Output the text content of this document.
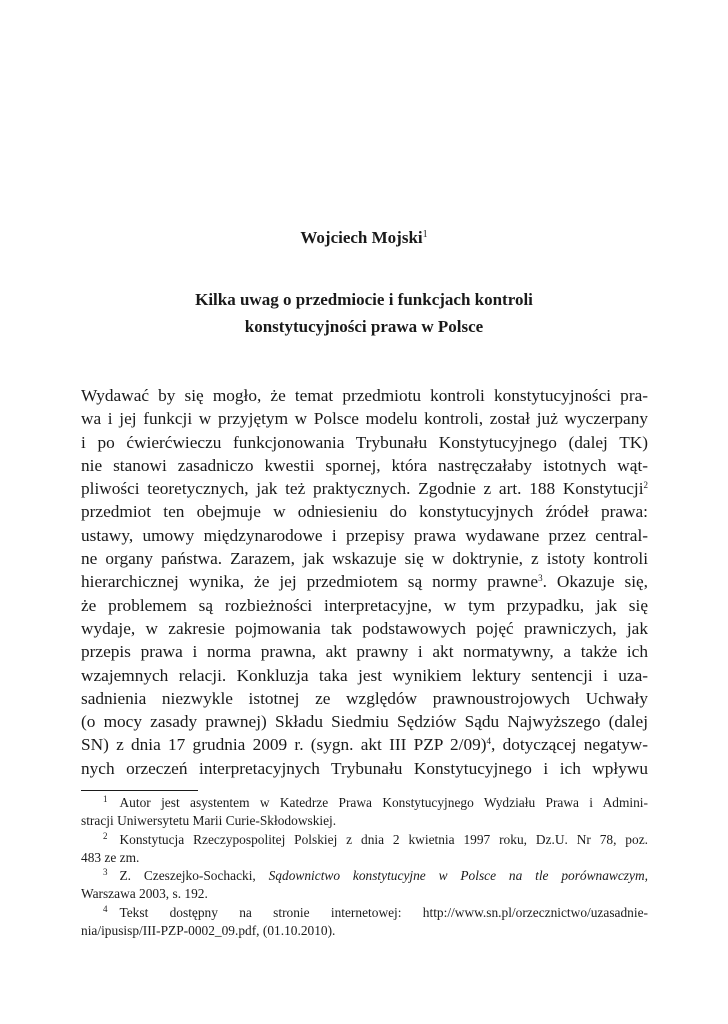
Wojciech Mojski$^1$
Kilka uwag o przedmiocie i funkcjach kontroli
konstytucyjności prawa w Polsce
Wydawać by się mogło, że temat przedmiotu kontroli konstytucyjności pra-
wa i jej funkcji w przyjętym w Polsce modelu kontroli, został już wyczerpany
i po ćwierćwieczu funkcjonowania Trybunału Konstytucyjnego (dalej TK)
nie stanowi zasadniczo kwestii spornej, która nastręczałaby istotnych wąt-
pliwości teoretycznych, jak też praktycznych. Zgodnie z art. 188 Konstytucji$^2$
przedmiot ten obejmuje w odniesieniu do konstytucyjnych źródeł prawa:
ustawy, umowy międzynarodowe i przepisy prawa wydawane przez central-
ne organy państwa. Zarazem, jak wskazuje się w doktrynie, z istoty kontroli
hierarchicznej wynika, że jej przedmiotem są normy prawne$^3$. Okazuje się,
że problemem są rozbieżności interpretacyjne, w tym przypadku, jak się
wydaje, w zakresie pojmowania tak podstawowych pojęć prawniczych, jak
przepis prawa i norma prawna, akt prawny i akt normatywny, a także ich
wzajemnych relacji. Konkluzja taka jest wynikiem lektury sentencji i uza-
sadnienia niezwykle istotnej ze względów prawnoustrojowych Uchwały
(o mocy zasady prawnej) Składu Siedmiu Sędziów Sądu Najwyższego (dalej
SN) z dnia 17 grudnia 2009 r. (sygn. akt III PZP 2/09)$^4$, dotyczącej negatyw-
nych orzeczeń interpretacyjnych Trybunału Konstytucyjnego i ich wpływu
$^1$ Autor jest asystentem w Katedrze Prawa Konstytucyjnego Wydziału Prawa i Admini-
stracji Uniwersytetu Marii Curie-Skłodowskiej.
$^2$ Konstytucja Rzeczypospolitej Polskiej z dnia 2 kwietnia 1997 roku, Dz.U. Nr 78, poz.
483 ze zm.
$^3$ Z. Czeszejko-Sochacki, Sądownictwo konstytucyjne w Polsce na tle porównawczym,
Warszawa 2003, s. 192.
$^4$ Tekst dostępny na stronie internetowej: http://www.sn.pl/orzecznictwo/uzasadnie-
nia/ipusisp/III-PZP-0002_09.pdf, (01.10.2010).
